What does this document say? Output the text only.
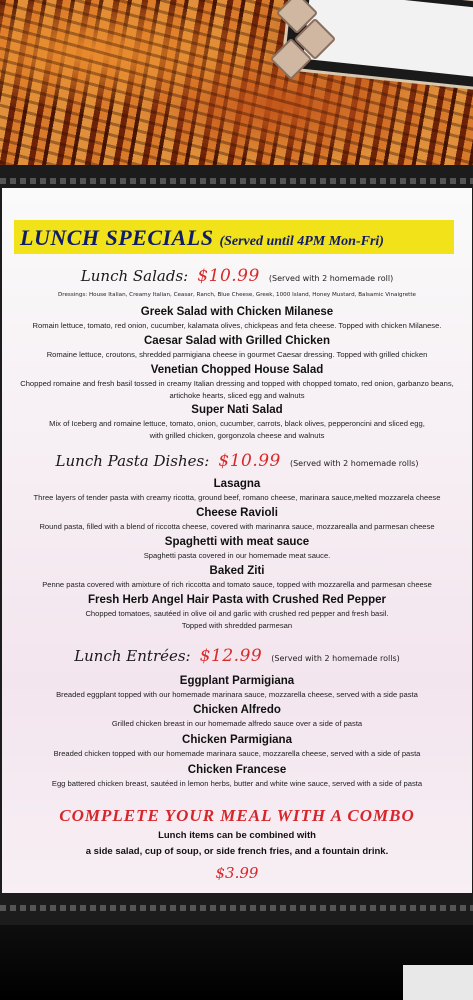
LUNCH SPECIALS (Served until 4PM Mon-Fri)
Lunch Salads: $10.99 (Served with 2 homemade roll)
Dressings: House Italian, Creamy Italian, Ceasar, Ranch, Blue Cheese, Greek, 1000 Island, Honey Mustard, Balsamic Vinaigrette
Greek Salad with Chicken Milanese
Romain lettuce, tomato, red onion, cucumber, kalamata olives, chickpeas and feta cheese. Topped with chicken Milanese.
Caesar Salad with Grilled Chicken
Romaine lettuce, croutons, shredded parmigiana cheese in gourmet Caesar dressing. Topped with grilled chicken
Venetian Chopped House Salad
Chopped romaine and fresh basil tossed in creamy Italian dressing and topped with chopped tomato, red onion, garbanzo beans,
artichoke hearts, sliced egg and walnuts
Super Nati Salad
Mix of Iceberg and romaine lettuce, tomato, onion, cucumber, carrots, black olives, pepperoncini and sliced egg,
with grilled chicken, gorgonzola cheese and walnuts
Lunch Pasta Dishes: $10.99 (Served with 2 homemade rolls)
Lasagna
Three layers of tender pasta with creamy ricotta, ground beef, romano cheese, marinara sauce,melted mozzarela cheese
Cheese Ravioli
Round pasta, filled with a blend of riccotta cheese, covered with marinanra sauce, mozzarealla and parmesan cheese
Spaghetti with meat sauce
Spaghetti pasta covered in our homemade meat sauce.
Baked Ziti
Penne pasta covered with amixture of rich riccotta and tomato sauce, topped with mozzarella and parmesan cheese
Fresh Herb Angel Hair Pasta with Crushed Red Pepper
Chopped tomatoes, sautéed in olive oil and garlic with crushed red pepper and fresh basil.
Topped with shredded parmesan
Lunch Entrées: $12.99 (Served with 2 homemade rolls)
Eggplant Parmigiana
Breaded eggplant topped with our homemade marinara sauce, mozzarella cheese, served with a side pasta
Chicken Alfredo
Grilled chicken breast in our homemade alfredo sauce over a side of pasta
Chicken Parmigiana
Breaded chicken topped with our homemade marinara sauce, mozzarella cheese, served with a side of pasta
Chicken Francese
Egg battered chicken breast, sautéed in lemon herbs, butter and white wine sauce, served with a side of pasta
COMPLETE YOUR MEAL WITH A COMBO
Lunch items can be combined with
a side salad, cup of soup, or side french fries, and a fountain drink.
$3.99
